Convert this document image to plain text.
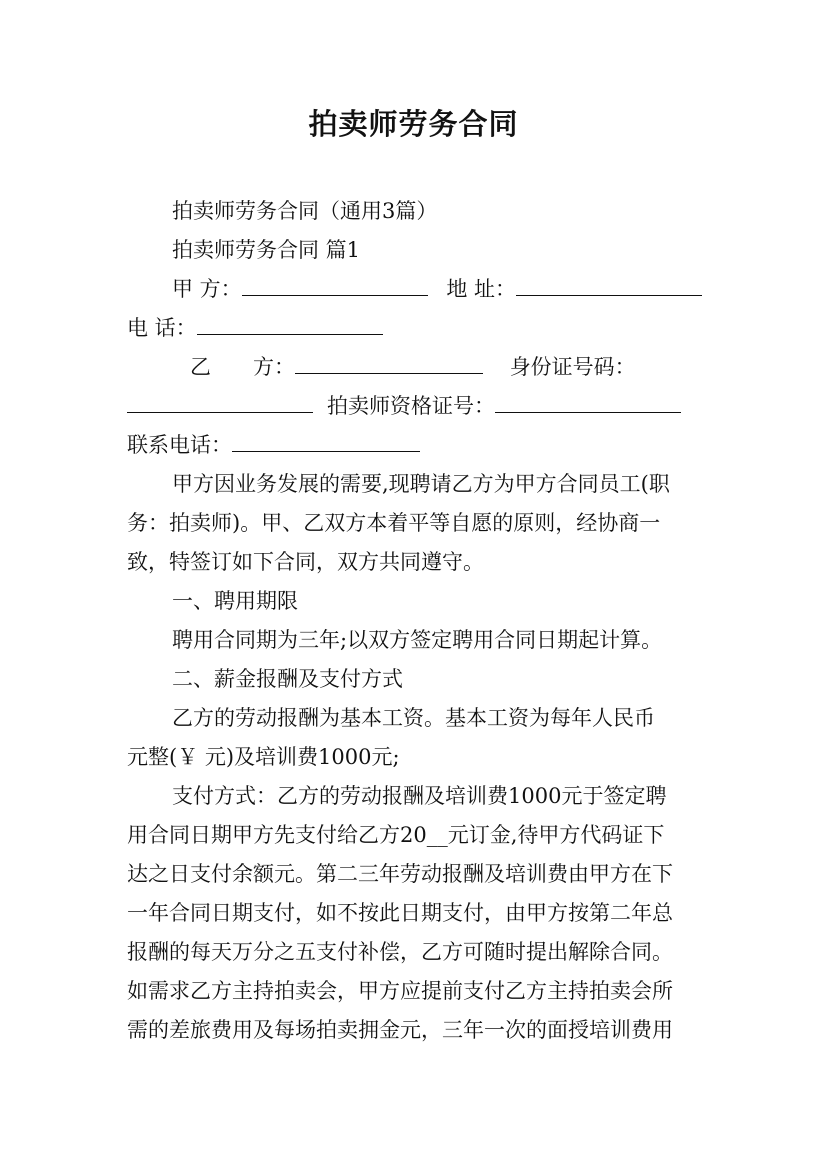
拍卖师劳务合同
拍卖师劳务合同（通用3篇）
拍卖师劳务合同 篇1
甲 方：	地 址：
电 话：
乙　　方：	身份证号码：
拍卖师资格证号：
联系电话：
甲方因业务发展的需要,现聘请乙方为甲方合同员工(职
务：拍卖师)。甲、乙双方本着平等自愿的原则，经协商一
致，特签订如下合同，双方共同遵守。
一、聘用期限
聘用合同期为三年;以双方签定聘用合同日期起计算。
二、薪金报酬及支付方式
乙方的劳动报酬为基本工资。基本工资为每年人民币
元整(￥ 元)及培训费1000元;
支付方式：乙方的劳动报酬及培训费1000元于签定聘
用合同日期甲方先支付给乙方20__元订金,待甲方代码证下
达之日支付余额元。第二三年劳动报酬及培训费由甲方在下
一年合同日期支付，如不按此日期支付，由甲方按第二年总
报酬的每天万分之五支付补偿，乙方可随时提出解除合同。
如需求乙方主持拍卖会，甲方应提前支付乙方主持拍卖会所
需的差旅费用及每场拍卖拥金元，三年一次的面授培训费用
